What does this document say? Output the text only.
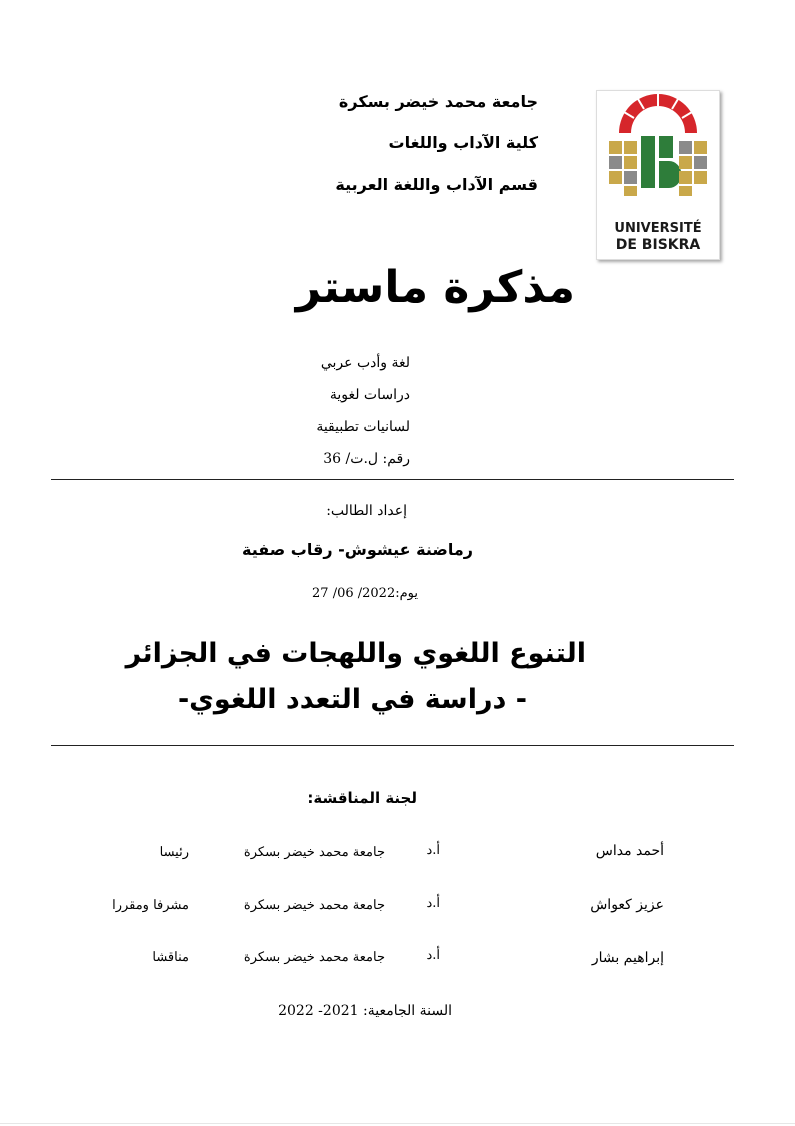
جامعة محمد خيضر بسكرة
كلية الآداب واللغات
قسم الآداب واللغة العربية
UNIVERSITÉ
DE BISKRA
مذكرة ماستر
لغة وأدب عربي
دراسات لغوية
لسانيات تطبيقية
رقم: ل.ت/ 36
إعداد الطالب:
رماضنة عيشوش- رقاب صفية
يوم:2022/ 06/ 27
التنوع اللغوي واللهجات في الجزائر
- دراسة في التعدد اللغوي-
لجنة المناقشة:
أحمد مداس
أ.د
جامعة محمد خيضر بسكرة
رئيسا
عزيز كعواش
أ.د
جامعة محمد خيضر بسكرة
مشرفا ومقررا
إبراهيم بشار
أ.د
جامعة محمد خيضر بسكرة
مناقشا
السنة الجامعية: 2021- 2022
